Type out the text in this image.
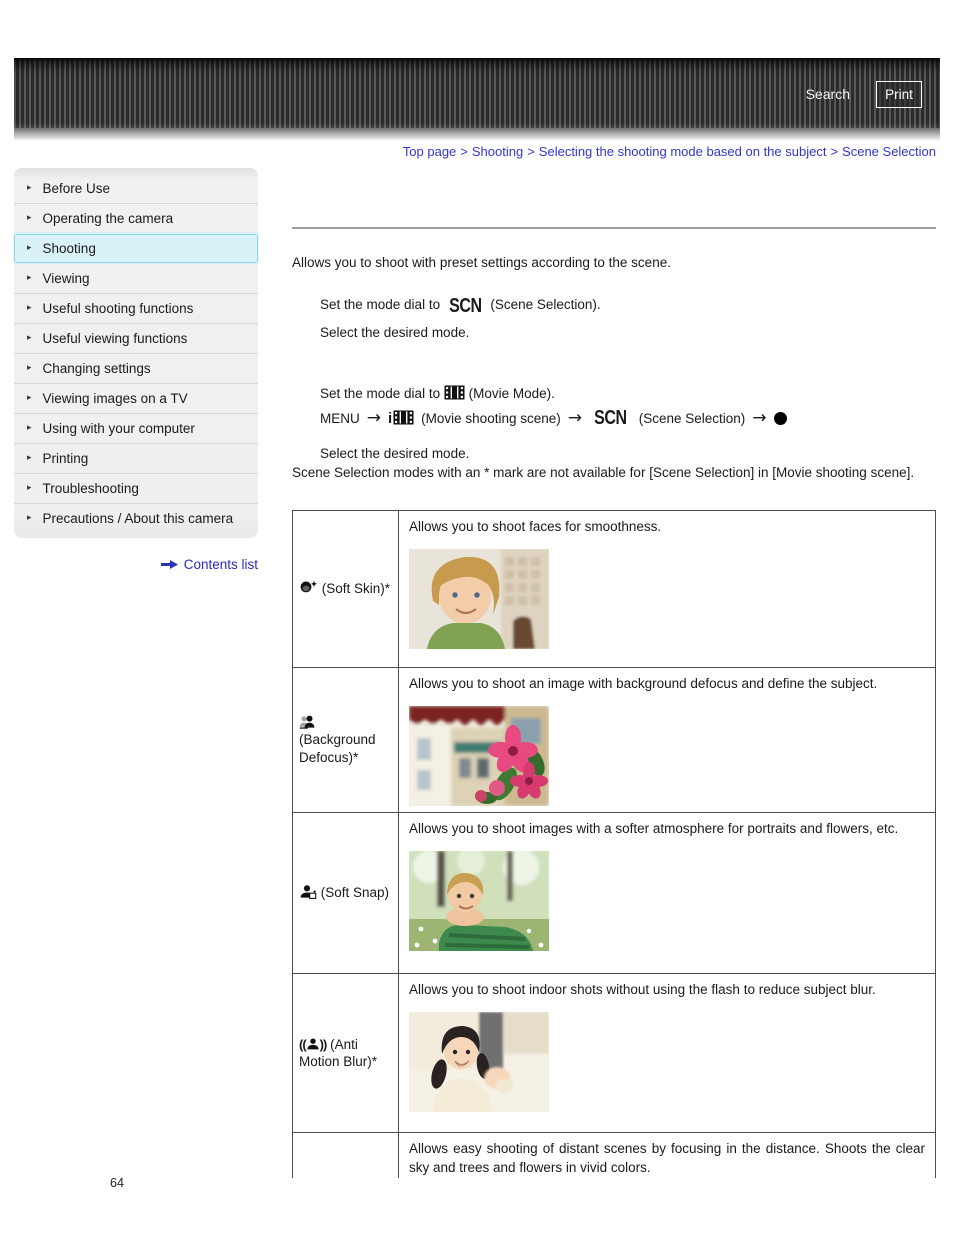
Search	Print
Top page > Shooting > Selecting the shooting mode based on the subject > Scene Selection
▸ Before Use
▸ Operating the camera
▸ Shooting
▸ Viewing
▸ Useful shooting functions
▸ Useful viewing functions
▸ Changing settings
▸ Viewing images on a TV
▸ Using with your computer
▸ Printing
▸ Troubleshooting
▸ Precautions / About this camera
Contents list

Allows you to shoot with preset settings according to the scene.

Set the mode dial to SCN (Scene Selection).

Select the desired mode.

Set the mode dial to (Movie Mode).

MENU → i	(Movie shooting scene) → SCN (Scene Selection) →

Select the desired mode.

Scene Selection modes with an * mark are not available for [Scene Selection] in [Movie shooting scene].

(Soft Skin)*	Allows you to shoot faces for smoothness.

(Background Defocus)*	Allows you to shoot an image with background defocus and define the subject.

(Soft Snap)	Allows you to shoot images with a softer atmosphere for portraits and flowers, etc.

(( )) (Anti Motion Blur)*	Allows you to shoot indoor shots without using the flash to reduce subject blur.

	Allows easy shooting of distant scenes by focusing in the distance. Shoots the clear sky and trees and flowers in vivid colors.
64
